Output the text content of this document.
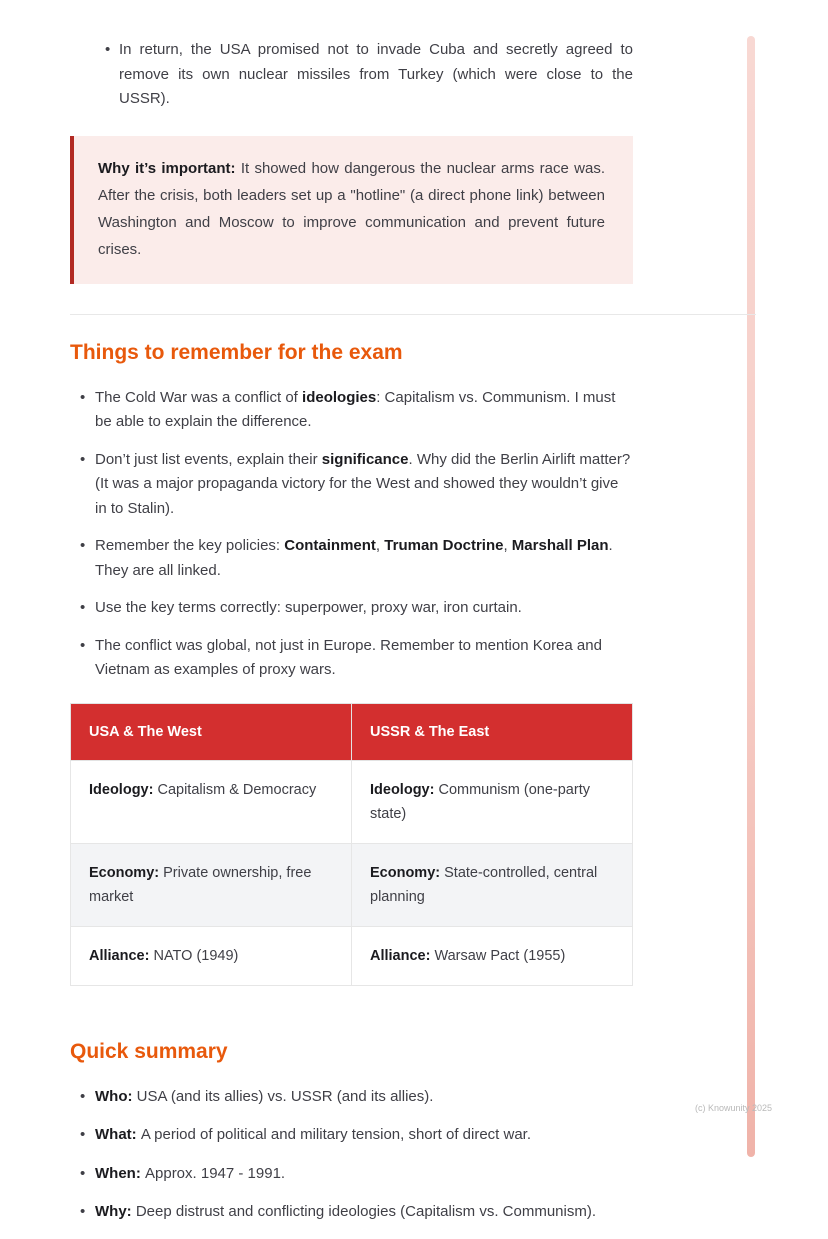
• In return, the USA promised not to invade Cuba and secretly agreed to remove its own nuclear missiles from Turkey (which were close to the USSR).

Why it’s important: It showed how dangerous the nuclear arms race was. After the crisis, both leaders set up a "hotline" (a direct phone link) between Washington and Moscow to improve communication and prevent future crises.

Things to remember for the exam
• The Cold War was a conflict of ideologies: Capitalism vs. Communism. I must be able to explain the difference.
• Don’t just list events, explain their significance. Why did the Berlin Airlift matter? (It was a major propaganda victory for the West and showed they wouldn’t give in to Stalin).
• Remember the key policies: Containment, Truman Doctrine, Marshall Plan. They are all linked.
• Use the key terms correctly: superpower, proxy war, iron curtain.
• The conflict was global, not just in Europe. Remember to mention Korea and Vietnam as examples of proxy wars.
USA & The West	USSR & The East
Ideology: Capitalism & Democracy	Ideology: Communism (one-party state)
Economy: Private ownership, free market	Economy: State-controlled, central planning
Alliance: NATO (1949)	Alliance: Warsaw Pact (1955)
Quick summary
• Who: USA (and its allies) vs. USSR (and its allies).
• What: A period of political and military tension, short of direct war.
• When: Approx. 1947 - 1991.
• Why: Deep distrust and conflicting ideologies (Capitalism vs. Communism).
(c) Knowunity 2025
